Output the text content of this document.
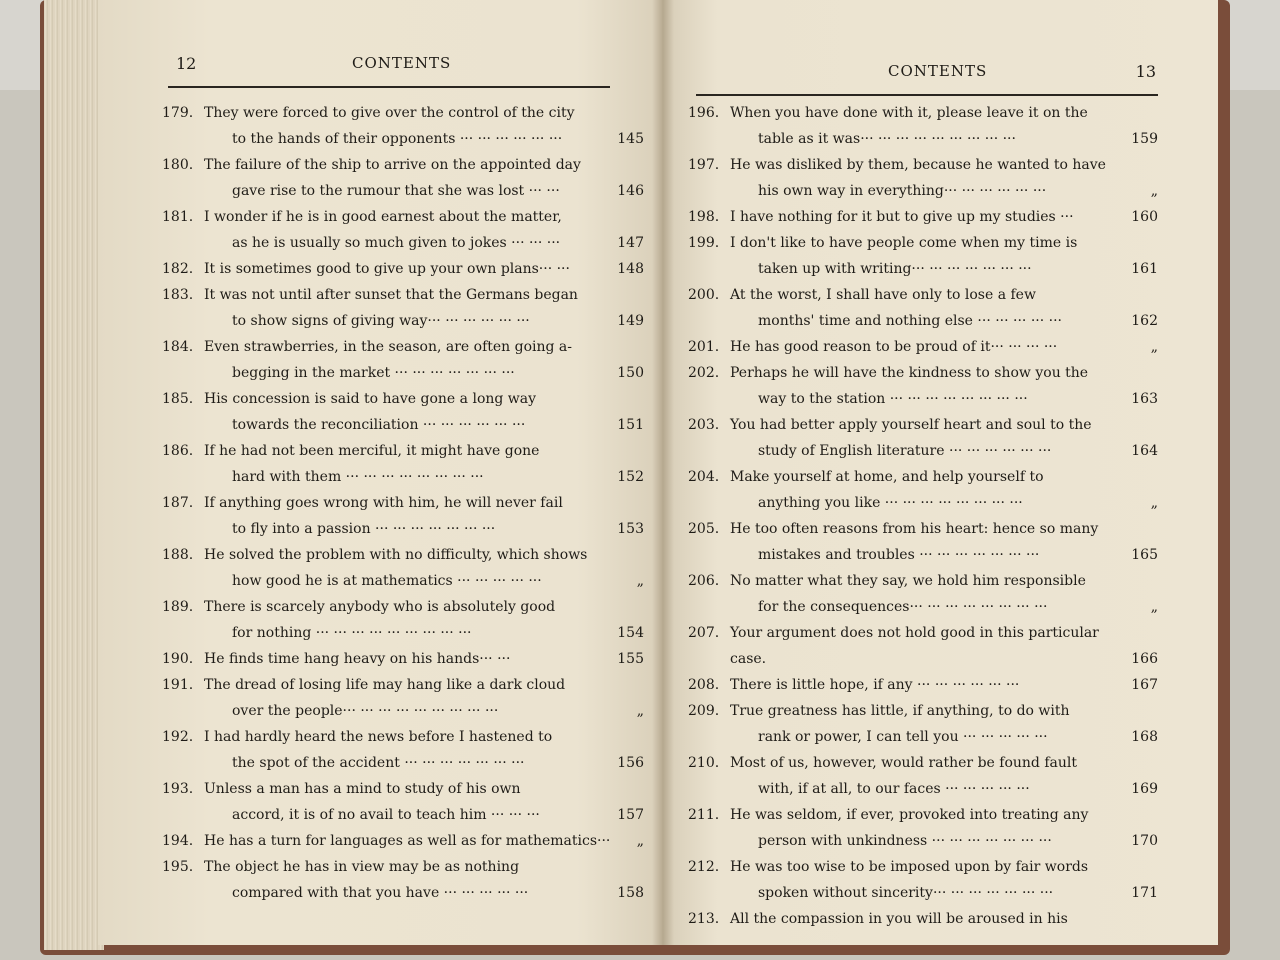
12	CONTENTS
179. They were forced to give over the control of the city
to the hands of their opponents ··· ··· ··· ··· ··· ···	145
180. The failure of the ship to arrive on the appointed day
gave rise to the rumour that she was lost ··· ···	146
181. I wonder if he is in good earnest about the matter,
as he is usually so much given to jokes ··· ··· ···	147
182. It is sometimes good to give up your own plans··· ···	148
183. It was not until after sunset that the Germans began
to show signs of giving way··· ··· ··· ··· ··· ···	149
184. Even strawberries, in the season, are often going a-
begging in the market ··· ··· ··· ··· ··· ··· ···	150
185. His concession is said to have gone a long way
towards the reconciliation ··· ··· ··· ··· ··· ···	151
186. If he had not been merciful, it might have gone
hard with them ··· ··· ··· ··· ··· ··· ··· ···	152
187. If anything goes wrong with him, he will never fail
to fly into a passion ··· ··· ··· ··· ··· ··· ···	153
188. He solved the problem with no difficulty, which shows
how good he is at mathematics ··· ··· ··· ··· ···	„
189. There is scarcely anybody who is absolutely good
for nothing ··· ··· ··· ··· ··· ··· ··· ··· ···	154
190. He finds time hang heavy on his hands··· ···	155
191. The dread of losing life may hang like a dark cloud
over the people··· ··· ··· ··· ··· ··· ··· ··· ···	„
192. I had hardly heard the news before I hastened to
the spot of the accident ··· ··· ··· ··· ··· ··· ···	156
193. Unless a man has a mind to study of his own
accord, it is of no avail to teach him ··· ··· ···	157
194. He has a turn for languages as well as for mathematics···	„
195. The object he has in view may be as nothing
compared with that you have ··· ··· ··· ··· ···	158
CONTENTS	13
196. When you have done with it, please leave it on the
table as it was··· ··· ··· ··· ··· ··· ··· ··· ···	159
197. He was disliked by them, because he wanted to have
his own way in everything··· ··· ··· ··· ··· ···	„
198. I have nothing for it but to give up my studies ···	160
199. I don't like to have people come when my time is
taken up with writing··· ··· ··· ··· ··· ··· ···	161
200. At the worst, I shall have only to lose a few
months' time and nothing else ··· ··· ··· ··· ···	162
201. He has good reason to be proud of it··· ··· ··· ···	„
202. Perhaps he will have the kindness to show you the
way to the station ··· ··· ··· ··· ··· ··· ··· ···	163
203. You had better apply yourself heart and soul to the
study of English literature ··· ··· ··· ··· ··· ···	164
204. Make yourself at home, and help yourself to
anything you like ··· ··· ··· ··· ··· ··· ··· ···	„
205. He too often reasons from his heart: hence so many
mistakes and troubles ··· ··· ··· ··· ··· ··· ···	165
206. No matter what they say, we hold him responsible
for the consequences··· ··· ··· ··· ··· ··· ··· ···	„
207. Your argument does not hold good in this particular case.	166
208. There is little hope, if any ··· ··· ··· ··· ··· ···	167
209. True greatness has little, if anything, to do with
rank or power, I can tell you ··· ··· ··· ··· ···	168
210. Most of us, however, would rather be found fault
with, if at all, to our faces ··· ··· ··· ··· ···	169
211. He was seldom, if ever, provoked into treating any
person with unkindness ··· ··· ··· ··· ··· ··· ···	170
212. He was too wise to be imposed upon by fair words
spoken without sincerity··· ··· ··· ··· ··· ··· ···	171
213. All the compassion in you will be aroused in his
